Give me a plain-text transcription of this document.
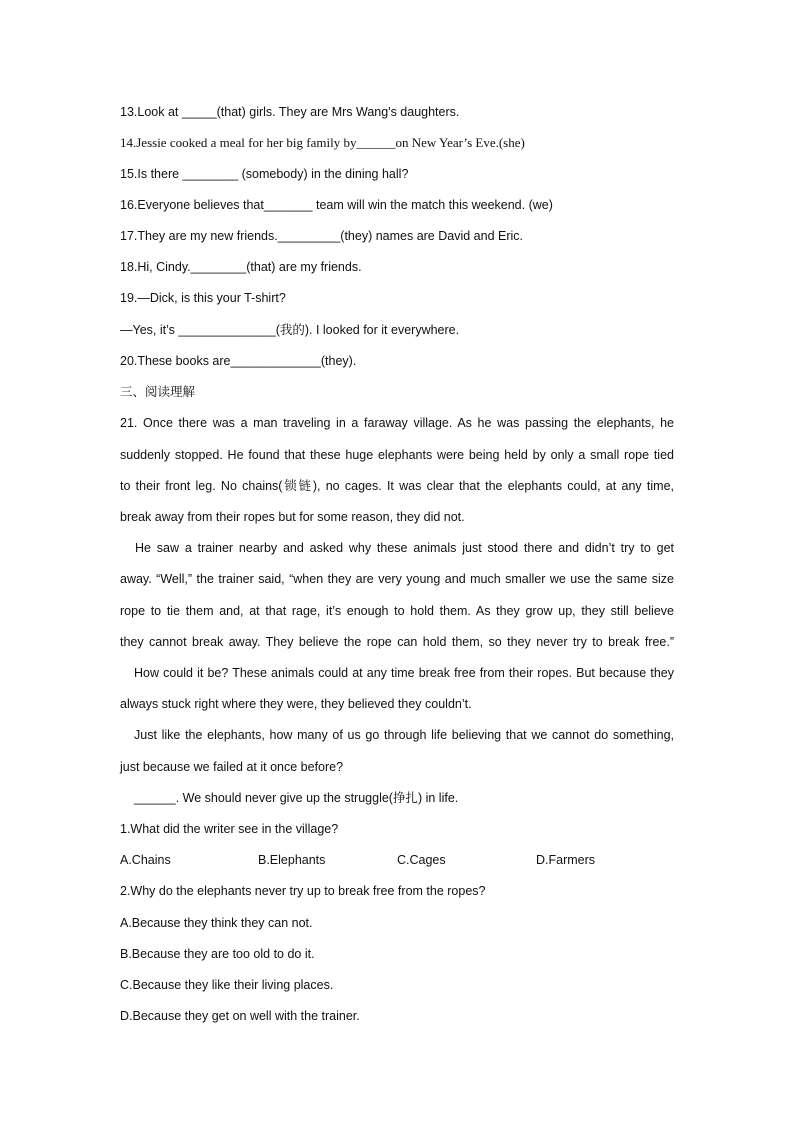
13.Look at _____(that) girls. They are Mrs Wang's daughters.
14.Jessie cooked a meal for her big family by______on New Year’s Eve.(she)
15.Is there ________ (somebody) in the dining hall?
16.Everyone believes that_______ team will win the match this weekend. (we)
17.They are my new friends._________(they) names are David and Eric.
18.Hi, Cindy.________(that) are my friends.
19.—Dick, is this your T-shirt?
—Yes, it’s ______________(我的). I looked for it everywhere.
20.These books are_____________(they).
三、阅读理解
21. Once there was a man traveling in a faraway village. As he was passing the elephants, he
suddenly stopped. He found that these huge elephants were being held by only a small rope tied
to their front leg. No chains(锁链), no cages. It was clear that the elephants could, at any time,
break away from their ropes but for some reason, they did not.
He saw a trainer nearby and asked why these animals just stood there and didn’t try to get
away. “Well,” the trainer said, “when they are very young and much smaller we use the same size
rope to tie them and, at that rage, it’s enough to hold them. As they grow up, they still believe
they cannot break away. They believe the rope can hold them, so they never try to break free.”
How could it be? These animals could at any time break free from their ropes. But because they
always stuck right where they were, they believed they couldn’t.
Just like the elephants, how many of us go through life believing that we cannot do something,
just because we failed at it once before?
______. We should never give up the struggle(挣扎) in life.
1.What did the writer see in the village?
A.Chains	B.Elephants	C.Cages	D.Farmers
2.Why do the elephants never try up to break free from the ropes?
A.Because they think they can not.
B.Because they are too old to do it.
C.Because they like their living places.
D.Because they get on well with the trainer.
